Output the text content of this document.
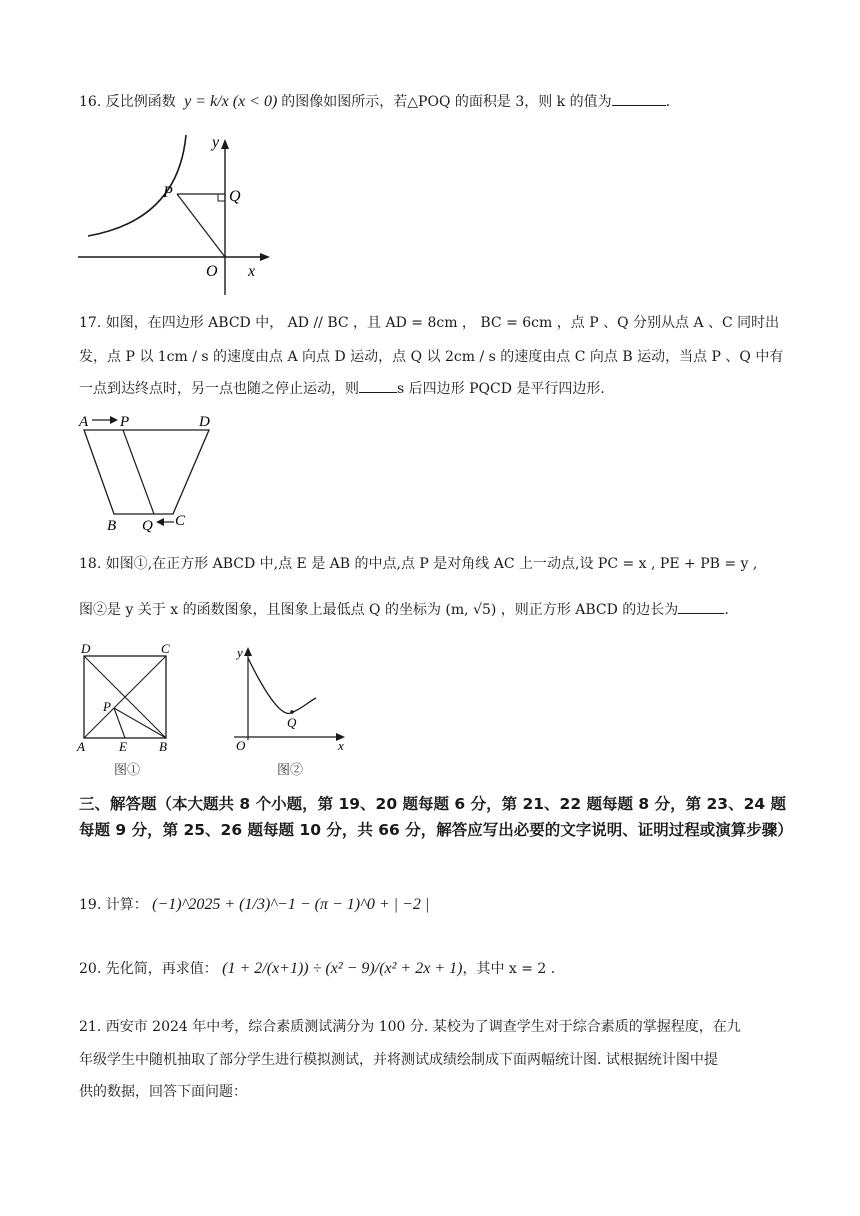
16. 反比例函数 y = k/x (x < 0) 的图像如图所示，若△POQ 的面积是 3，则 k 的值为	.
y
P	Q
O x
17. 如图，在四边形 ABCD 中， AD // BC ，且 AD = 8cm ， BC = 6cm ，点 P 、Q 分别从点 A 、C 同时出
发，点 P 以 1cm / s 的速度由点 A 向点 D 运动，点 Q 以 2cm / s 的速度由点 C 向点 B 运动，当点 P 、Q 中有
一点到达终点时，另一点也随之停止运动，则	s 后四边形 PQCD 是平行四边形.
A P	D
B Q C
18. 如图①,在正方形 ABCD 中,点 E 是 AB 的中点,点 P 是对角线 AC 上一动点,设 PC = x , PE + PB = y ,
图②是 y 关于 x 的函数图象，且图象上最低点 Q 的坐标为 (m, √5) ，则正方形 ABCD 的边长为	.
D	C
P
A	E B
图①
y
Q
O	x
图②
三、解答题（本大题共 8 个小题，第 19、20 题每题 6 分，第 21、22 题每题 8 分，第 23、24 题每题 9 分，第 25、26 题每题 10 分，共 66 分，解答应写出必要的文字说明、证明过程或演算步骤）
19. 计算： (−1)^2025 + (1/3)^−1 − (π − 1)^0 + | −2 |
20. 先化简，再求值： (1 + 2/(x+1)) ÷ (x² − 9)/(x² + 2x + 1)，其中 x = 2 .
21. 西安市 2024 年中考，综合素质测试满分为 100 分. 某校为了调查学生对于综合素质的掌握程度，在九
年级学生中随机抽取了部分学生进行模拟测试，并将测试成绩绘制成下面两幅统计图. 试根据统计图中提
供的数据，回答下面问题：
